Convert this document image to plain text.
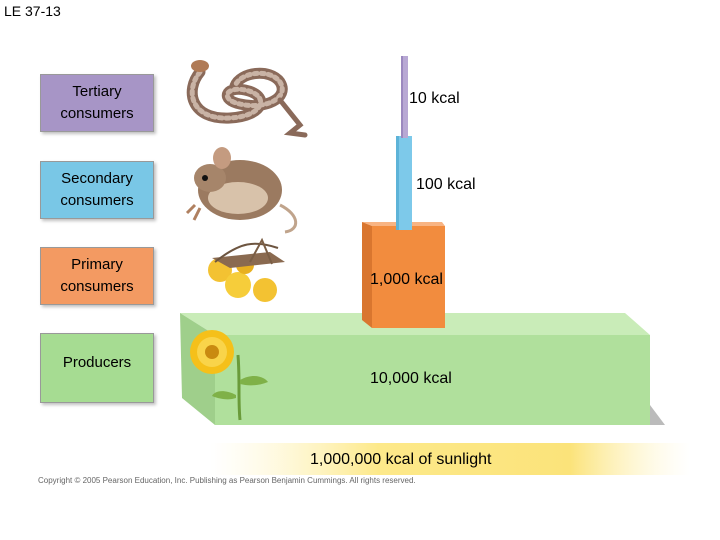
LE 37-13
Tertiary consumers
Secondary consumers
Primary consumers
Producers
10 kcal
100 kcal
1,000 kcal
10,000 kcal
1,000,000 kcal of sunlight
Copyright © 2005 Pearson Education, Inc. Publishing as Pearson Benjamin Cummings. All rights reserved.
